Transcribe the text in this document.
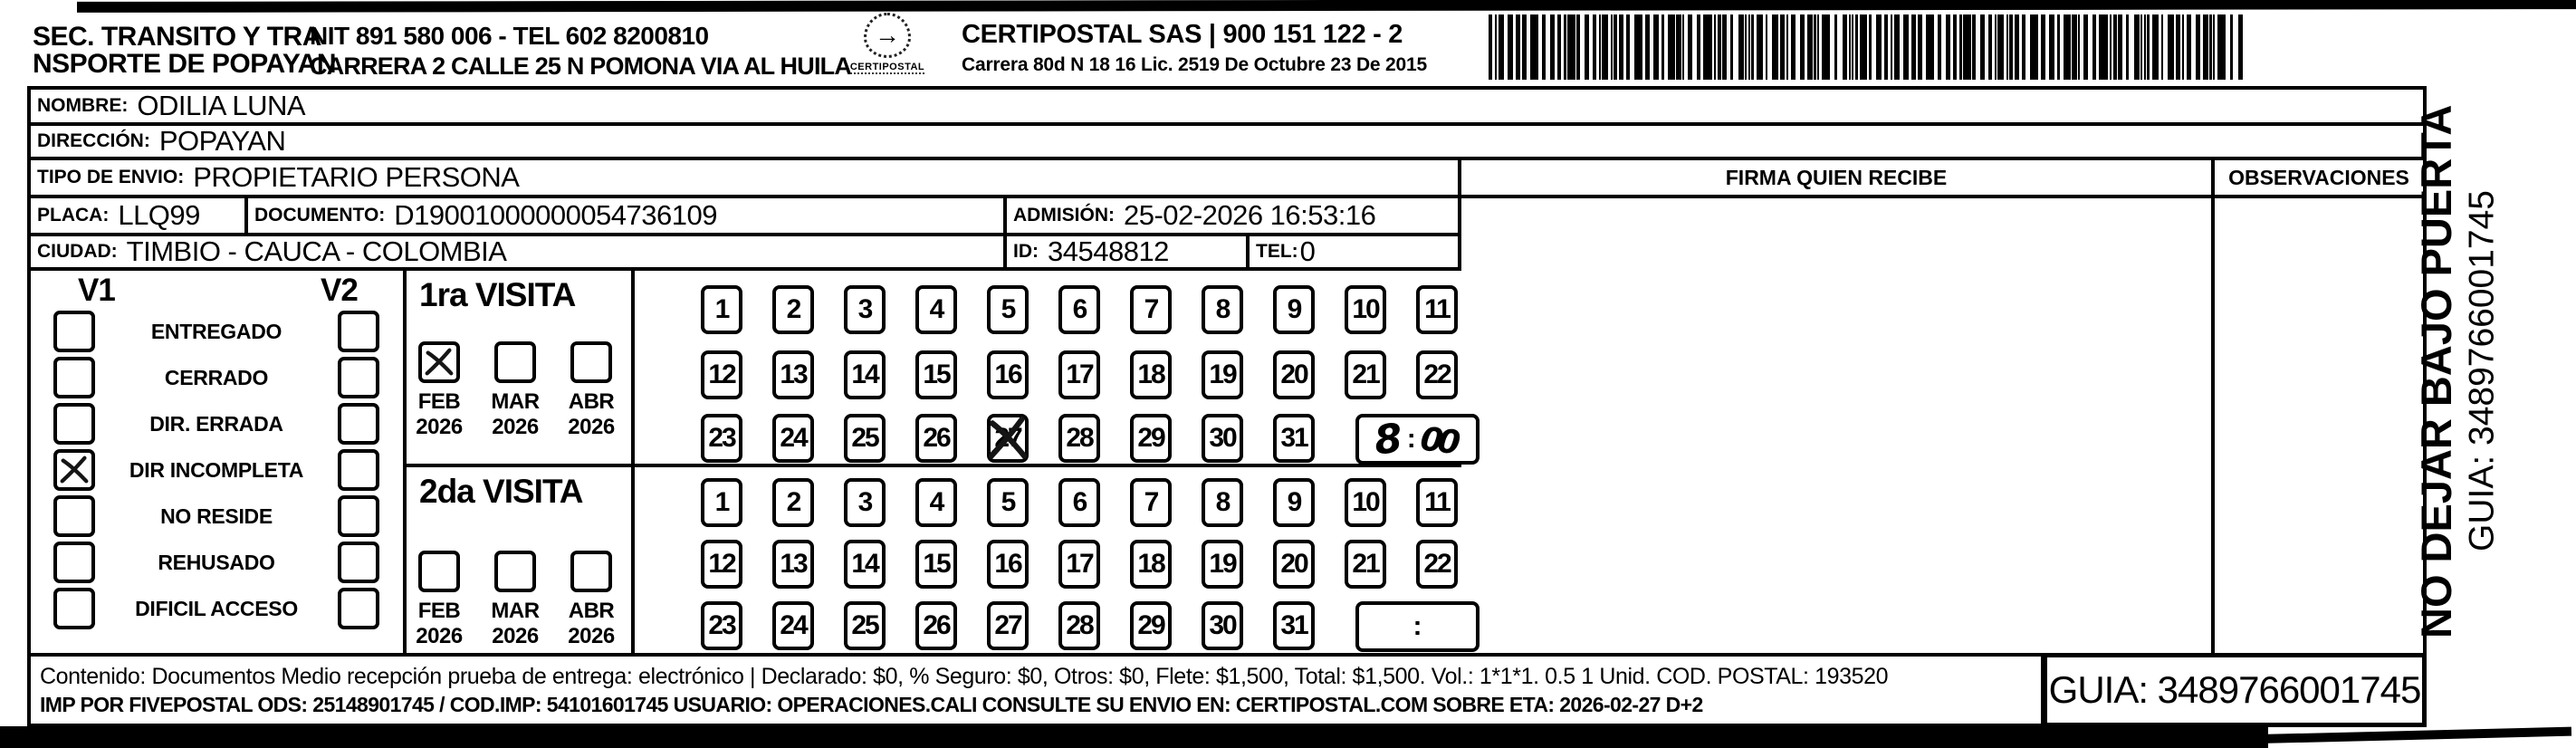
SEC. TRANSITO Y TRA
NSPORTE DE POPAYAN
NIT 891 580 006 - TEL 602 8200810
CARRERA 2 CALLE 25 N POMONA VIA AL HUILA
→
CERTIPOSTAL
CERTIPOSTAL SAS | 900 151 122 - 2
Carrera 80d N 18 16 Lic. 2519 De Octubre 23 De 2015
NOMBRE: ODILIA LUNA
DIRECCIÓN: POPAYAN
TIPO DE ENVIO: PROPIETARIO PERSONA	FIRMA QUIEN RECIBE	OBSERVACIONES
PLACA: LLQ99	DOCUMENTO: D19001000000054736109	ADMISIÓN: 25-02-2026 16:53:16
CIUDAD: TIMBIO - CAUCA - COLOMBIA	ID: 34548812	TEL: 0
V1	V2
ENTREGADO
CERRADO
DIR. ERRADA
DIR INCOMPLETA
NO RESIDE
REHUSADO
DIFICIL ACCESO
1ra VISITA
FEB
2026
MAR
2026
ABR
2026
2da VISITA
FEB
2026
MAR
2026
ABR
2026
1	2	3	4	5	6	7	8	9	10	11
12 13 14 15 16 17 18 19 20 21 22
23 24 25 26 27 28 29 30 31 8 : 00
1	2	3	4	5	6	7	8	9	10	11
12 13 14 15 16 17 18 19 20 21 22
23 24 25 26 27 28 29 30 31	:
Contenido: Documentos Medio recepción prueba de entrega: electrónico | Declarado: $0, % Seguro: $0, Otros: $0, Flete: $1,500, Total: $1,500. Vol.: 1*1*1. 0.5 1 Unid. COD. POSTAL: 193520
IMP POR FIVEPOSTAL ODS: 25148901745 / COD.IMP: 54101601745 USUARIO: OPERACIONES.CALI CONSULTE SU ENVIO EN: CERTIPOSTAL.COM SOBRE ETA: 2026-02-27 D+2	GUIA: 3489766001745
NO DEJAR BAJO PUERTA GUIA: 3489766001745
